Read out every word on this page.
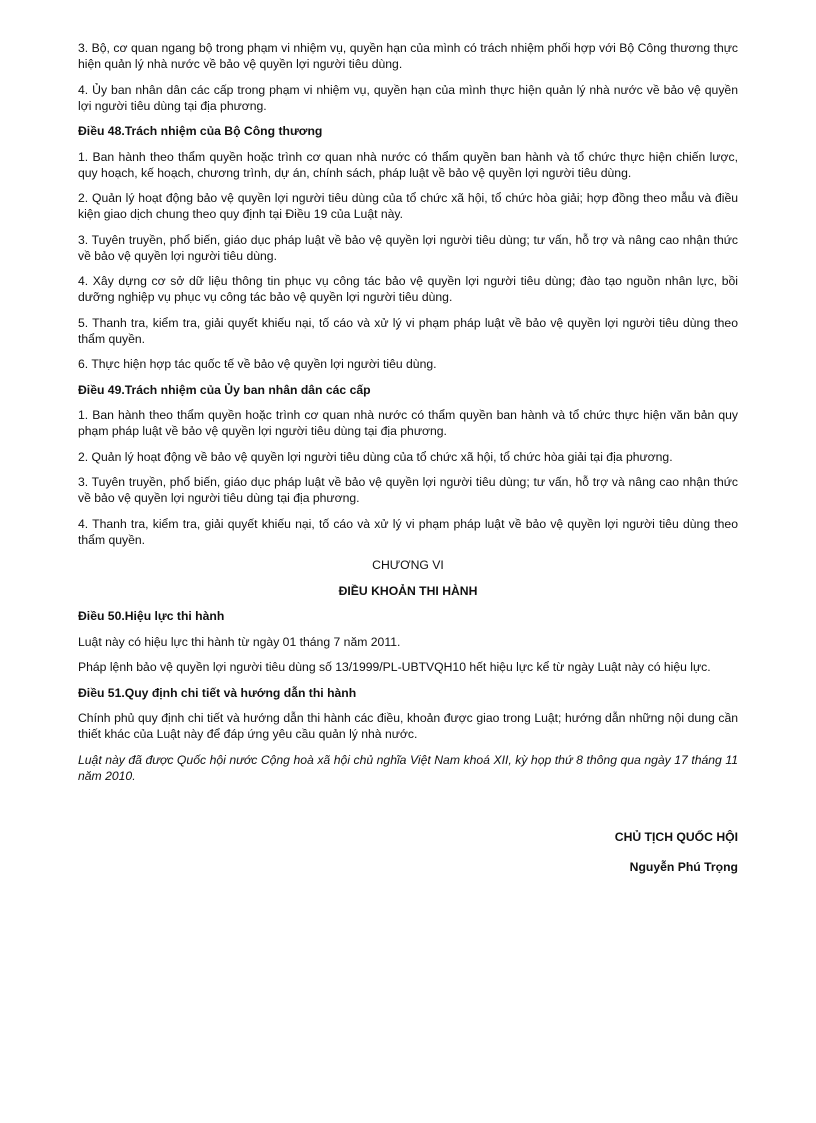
3. Bộ, cơ quan ngang bộ trong phạm vi nhiệm vụ, quyền hạn của mình có trách nhiệm phối hợp với Bộ Công thương thực hiện quản lý nhà nước về bảo vệ quyền lợi người tiêu dùng.

4. Ủy ban nhân dân các cấp trong phạm vi nhiệm vụ, quyền hạn của mình thực hiện quản lý nhà nước về bảo vệ quyền lợi người tiêu dùng tại địa phương.

Điều 48.Trách nhiệm của Bộ Công thương

1. Ban hành theo thẩm quyền hoặc trình cơ quan nhà nước có thẩm quyền ban hành và tổ chức thực hiện chiến lược, quy hoạch, kế hoạch, chương trình, dự án, chính sách, pháp luật về bảo vệ quyền lợi người tiêu dùng.

2. Quản lý hoạt động bảo vệ quyền lợi người tiêu dùng của tổ chức xã hội, tổ chức hòa giải; hợp đồng theo mẫu và điều kiện giao dịch chung theo quy định tại Điều 19 của Luật này.

3. Tuyên truyền, phổ biến, giáo dục pháp luật về bảo vệ quyền lợi người tiêu dùng; tư vấn, hỗ trợ và nâng cao nhận thức về bảo vệ quyền lợi người tiêu dùng.

4. Xây dựng cơ sở dữ liệu thông tin phục vụ công tác bảo vệ quyền lợi người tiêu dùng; đào tạo nguồn nhân lực, bồi dưỡng nghiệp vụ phục vụ công tác bảo vệ quyền lợi người tiêu dùng.

5. Thanh tra, kiểm tra, giải quyết khiếu nại, tố cáo và xử lý vi phạm pháp luật về bảo vệ quyền lợi người tiêu dùng theo thẩm quyền.

6. Thực hiện hợp tác quốc tế về bảo vệ quyền lợi người tiêu dùng.

Điều 49.Trách nhiệm của Ủy ban nhân dân các cấp

1. Ban hành theo thẩm quyền hoặc trình cơ quan nhà nước có thẩm quyền ban hành và tổ chức thực hiện văn bản quy phạm pháp luật về bảo vệ quyền lợi người tiêu dùng tại địa phương.

2. Quản lý hoạt động về bảo vệ quyền lợi người tiêu dùng của tổ chức xã hội, tổ chức hòa giải tại địa phương.

3. Tuyên truyền, phổ biến, giáo dục pháp luật về bảo vệ quyền lợi người tiêu dùng; tư vấn, hỗ trợ và nâng cao nhận thức về bảo vệ quyền lợi người tiêu dùng tại địa phương.

4. Thanh tra, kiểm tra, giải quyết khiếu nại, tố cáo và xử lý vi phạm pháp luật về bảo vệ quyền lợi người tiêu dùng theo thẩm quyền.

CHƯƠNG VI

ĐIỀU KHOẢN THI HÀNH

Điều 50.Hiệu lực thi hành

Luật này có hiệu lực thi hành từ ngày 01 tháng 7 năm 2011.

Pháp lệnh bảo vệ quyền lợi người tiêu dùng số 13/1999/PL-UBTVQH10 hết hiệu lực kể từ ngày Luật này có hiệu lực.

Điều 51.Quy định chi tiết và hướng dẫn thi hành

Chính phủ quy định chi tiết và hướng dẫn thi hành các điều, khoản được giao trong Luật; hướng dẫn những nội dung cần thiết khác của Luật này để đáp ứng yêu cầu quản lý nhà nước.

Luật này đã được Quốc hội nước Cộng hoà xã hội chủ nghĩa Việt Nam khoá XII, kỳ họp thứ 8 thông qua ngày 17 tháng 11 năm 2010.

CHỦ TỊCH QUỐC HỘI

Nguyễn Phú Trọng
